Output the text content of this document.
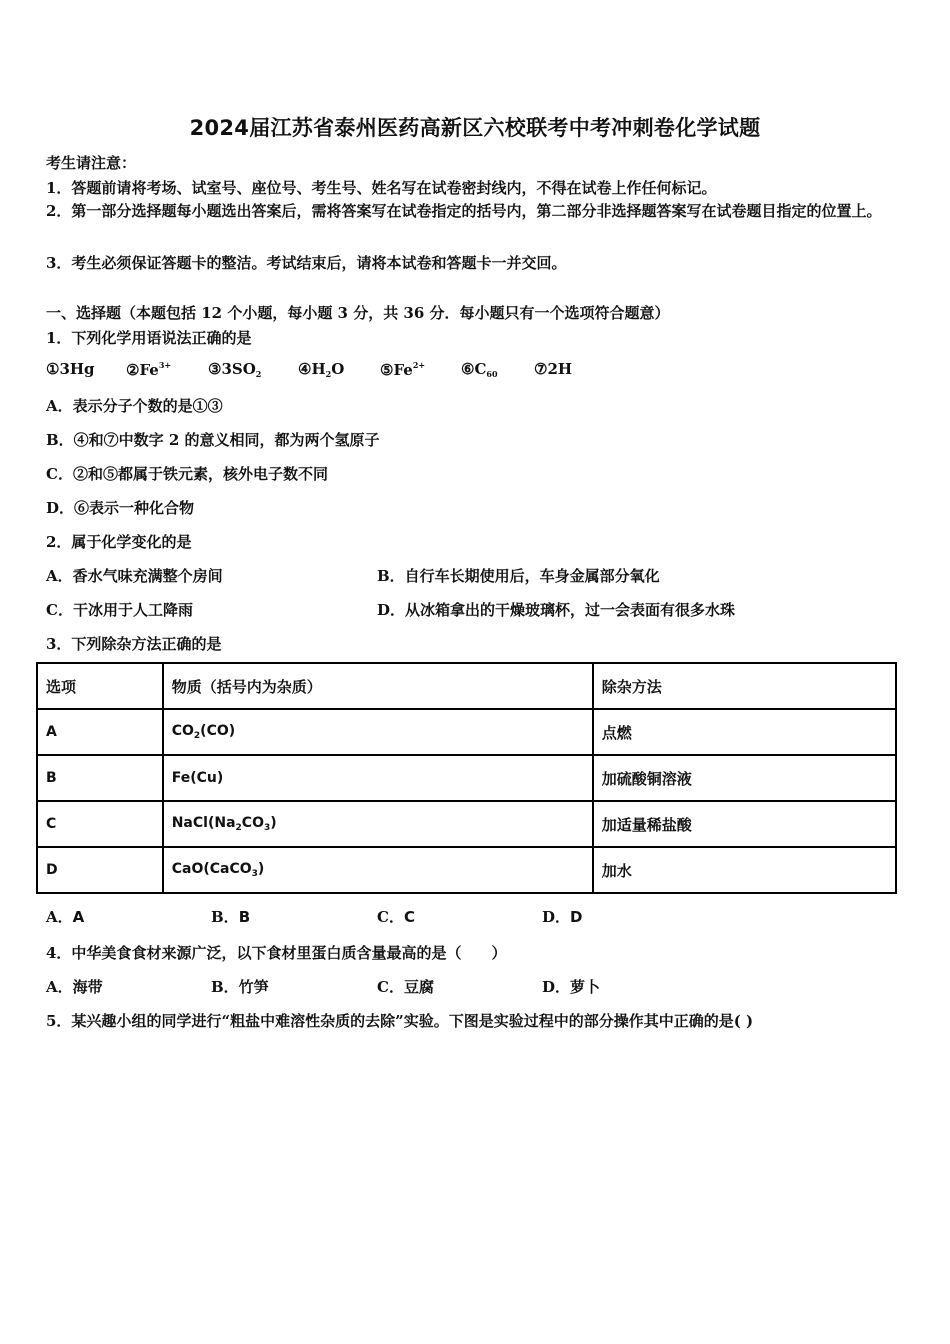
2024届江苏省泰州医药高新区六校联考中考冲刺卷化学试题
考生请注意：
1．答题前请将考场、试室号、座位号、考生号、姓名写在试卷密封线内，不得在试卷上作任何标记。
2．第一部分选择题每小题选出答案后，需将答案写在试卷指定的括号内，第二部分非选择题答案写在试卷题目指定的位置上。
3．考生必须保证答题卡的整洁。考试结束后，请将本试卷和答题卡一并交回。
一、选择题（本题包括 12 个小题，每小题 3 分，共 36 分．每小题只有一个选项符合题意）
1．下列化学用语说法正确的是
①3Hg $②Fe^{3+}$ $③3SO_2$ $④H_2O$ $⑤Fe^{2+}$ $⑥C_{60}$ ⑦2H
A．表示分子个数的是①③
B．④和⑦中数字 2 的意义相同，都为两个氢原子
C．②和⑤都属于铁元素，核外电子数不同
D．⑥表示一种化合物
2．属于化学变化的是
A．香水气味充满整个房间	B．自行车长期使用后，车身金属部分氧化
C．干冰用于人工降雨	D．从冰箱拿出的干燥玻璃杯，过一会表面有很多水珠
3．下列除杂方法正确的是
选项	物质（括号内为杂质）	除杂方法
A	$CO_2(CO)$	点燃
B	Fe(Cu)	加硫酸铜溶液
C	$NaCl(Na_2CO_3)$	加适量稀盐酸
D	CaO(CaCO$_3$)	加水
A．A	B．B	C．C	D．D
4．中华美食食材来源广泛，以下食材里蛋白质含量最高的是（　　）
A．海带	B．竹笋	C．豆腐	D．萝卜
5．某兴趣小组的同学进行“粗盐中难溶性杂质的去除”实验。下图是实验过程中的部分操作其中正确的是( )
